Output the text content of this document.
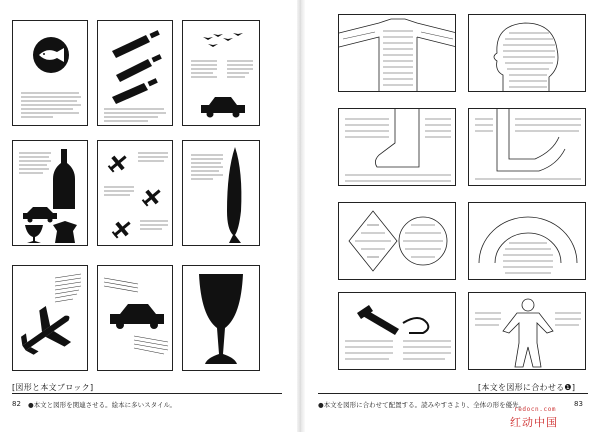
[図形と本文ブロック]
82 ●本文と図形を関連させる。絵本に多いスタイル。
[本文を図形に合わせる❶]
●本文を図形に合わせて配置する。読みやすさより、全体の形を優先。	83
redocn.com
红动中国
